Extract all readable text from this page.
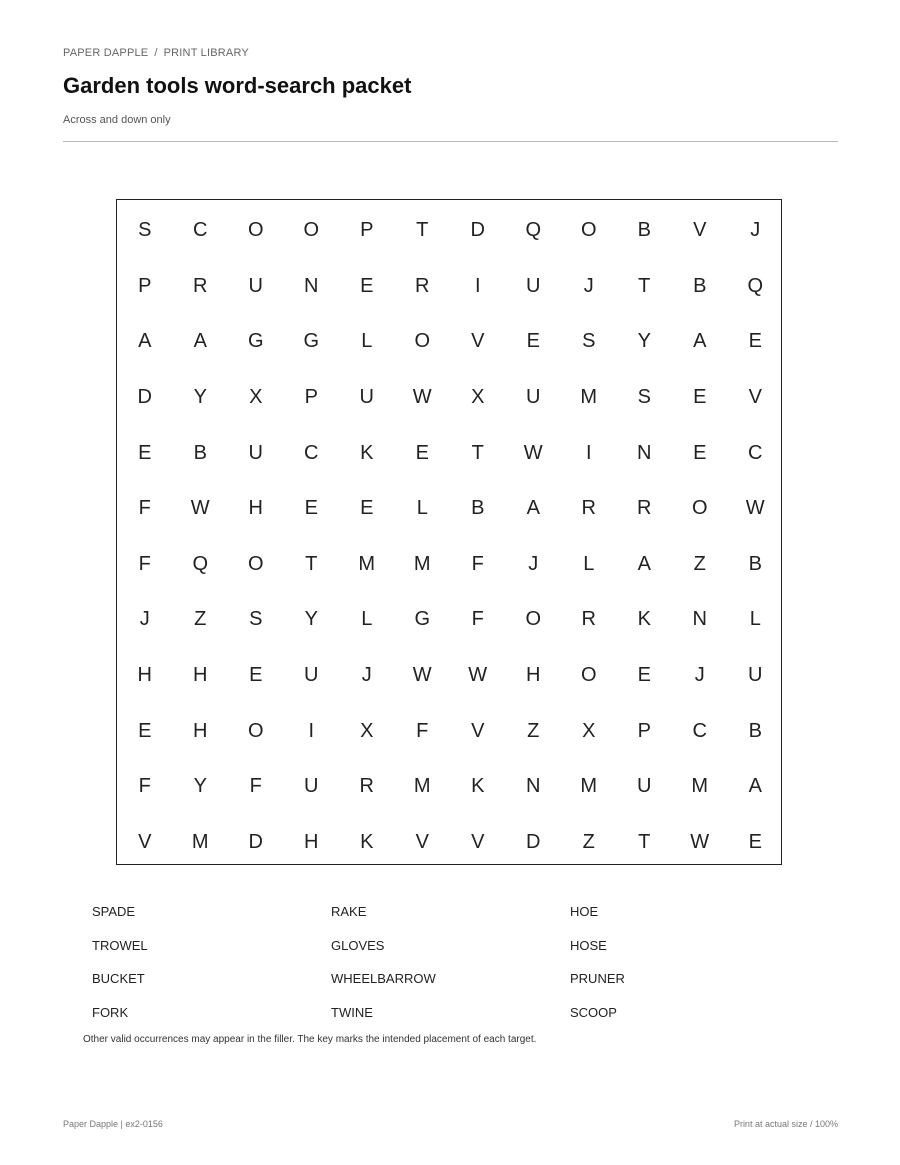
PAPER DAPPLE / PRINT LIBRARY
Garden tools word-search packet
Across and down only
S	C	O	O	P	T	D	Q	O	B	V	J
P	R	U	N	E	R	I	U	J	T	B	Q
A	A	G	G	L	O	V	E	S	Y	A	E
D	Y	X	P	U	W	X	U	M	S	E	V
E	B	U	C	K	E	T	W	I	N	E	C
F	W	H	E	E	L	B	A	R	R	O	W
F	Q	O	T	M	M	F	J	L	A	Z	B
J	Z	S	Y	L	G	F	O	R	K	N	L
H	H	E	U	J	W	W	H	O	E	J	U
E	H	O	I	X	F	V	Z	X	P	C	B
F	Y	F	U	R	M	K	N	M	U	M	A
V	M	D	H	K	V	V	D	Z	T	W	E
SPADE	RAKE	HOE
TROWEL	GLOVES	HOSE
BUCKET	WHEELBARROW	PRUNER
FORK	TWINE	SCOOP
Other valid occurrences may appear in the filler. The key marks the intended placement of each target.
Paper Dapple | ex2-0156	Print at actual size / 100%
